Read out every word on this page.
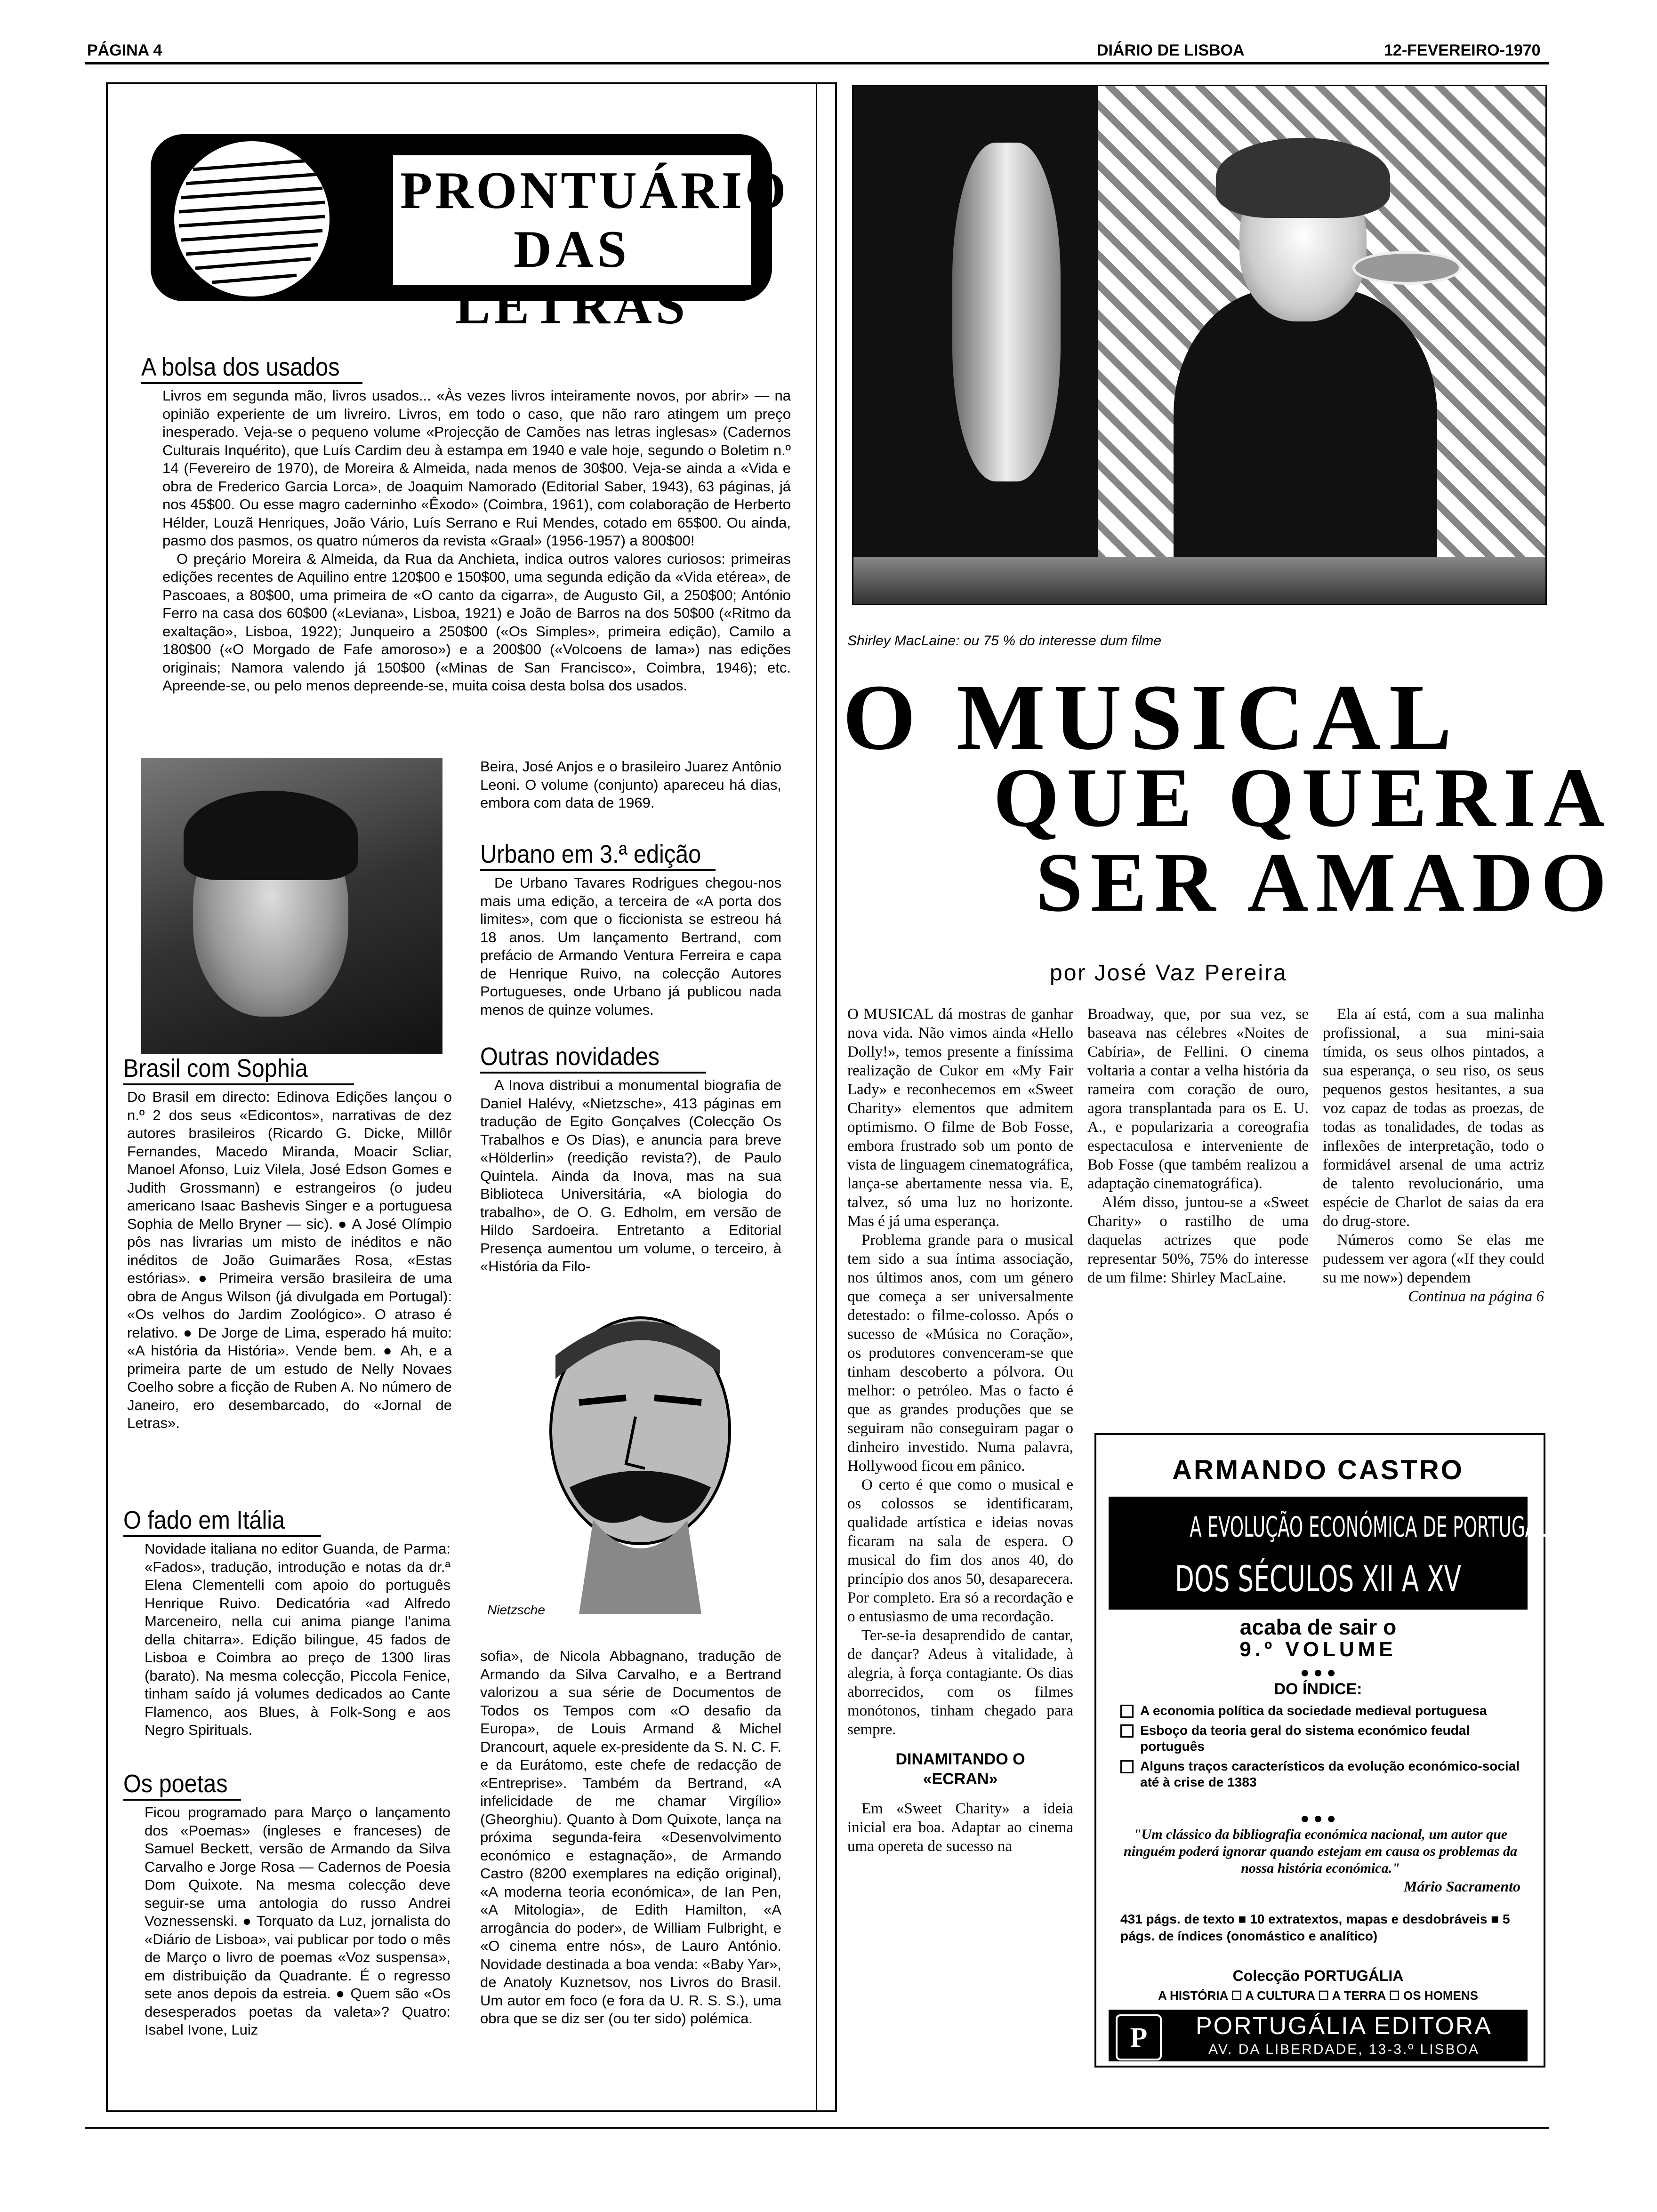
PÁGINA 4	DIÁRIO DE LISBOA	12-FEVEREIRO-1970
PRONTUÁRIO
DAS LETRAS
A bolsa dos usados

Livros em segunda mão, livros usados... «Às vezes livros inteiramente novos, por abrir» — na opinião experiente de um livreiro. Livros, em todo o caso, que não raro atingem um preço inesperado. Veja-se o pequeno volume «Projecção de Camões nas letras inglesas» (Cadernos Culturais Inquérito), que Luís Cardim deu à estampa em 1940 e vale hoje, segundo o Boletim n.º 14 (Fevereiro de 1970), de Moreira & Almeida, nada menos de 30$00. Veja-se ainda a «Vida e obra de Frederico Garcia Lorca», de Joaquim Namorado (Editorial Saber, 1943), 63 páginas, já nos 45$00. Ou esse magro caderninho «Êxodo» (Coimbra, 1961), com colaboração de Herberto Hélder, Louzã Henriques, João Vário, Luís Serrano e Rui Mendes, cotado em 65$00. Ou ainda, pasmo dos pasmos, os quatro números da revista «Graal» (1956-1957) a 800$00!

O preçário Moreira & Almeida, da Rua da Anchieta, indica outros valores curiosos: primeiras edições recentes de Aquilino entre 120$00 e 150$00, uma segunda edição da «Vida etérea», de Pascoaes, a 80$00, uma primeira de «O canto da cigarra», de Augusto Gil, a 250$00; António Ferro na casa dos 60$00 («Leviana», Lisboa, 1921) e João de Barros na dos 50$00 («Ritmo da exaltação», Lisboa, 1922); Junqueiro a 250$00 («Os Simples», primeira edição), Camilo a 180$00 («O Morgado de Fafe amoroso») e a 200$00 («Volcoens de lama») nas edições originais; Namora valendo já 150$00 («Minas de San Francisco», Coimbra, 1946); etc. Apreende-se, ou pelo menos depreende-se, muita coisa desta bolsa dos usados.

Brasil com Sophia

Do Brasil em directo: Edinova Edições lançou o n.º 2 dos seus «Edicontos», narrativas de dez autores brasileiros (Ricardo G. Dicke, Millôr Fernandes, Macedo Miranda, Moacir Scliar, Manoel Afonso, Luiz Vilela, José Edson Gomes e Judith Grossmann) e estrangeiros (o judeu americano Isaac Bashevis Singer e a portuguesa Sophia de Mello Bryner — sic). ● A José Olímpio pôs nas livrarias um misto de inéditos e não inéditos de João Guimarães Rosa, «Estas estórias». ● Primeira versão brasileira de uma obra de Angus Wilson (já divulgada em Portugal): «Os velhos do Jardim Zoológico». O atraso é relativo. ● De Jorge de Lima, esperado há muito: «A história da História». Vende bem. ● Ah, e a primeira parte de um estudo de Nelly Novaes Coelho sobre a ficção de Ruben A. No número de Janeiro, ero desembarcado, do «Jornal de Letras».

O fado em Itália

Novidade italiana no editor Guanda, de Parma: «Fados», tradução, introdução e notas da dr.ª Elena Clementelli com apoio do português Henrique Ruivo. Dedicatória «ad Alfredo Marceneiro, nella cui anima piange l'anima della chitarra». Edição bilingue, 45 fados de Lisboa e Coimbra ao preço de 1300 liras (barato). Na mesma colecção, Piccola Fenice, tinham saído já volumes dedicados ao Cante Flamenco, aos Blues, à Folk-Song e aos Negro Spirituals.

Os poetas

Ficou programado para Março o lançamento dos «Poemas» (ingleses e franceses) de Samuel Beckett, versão de Armando da Silva Carvalho e Jorge Rosa — Cadernos de Poesia Dom Quixote. Na mesma colecção deve seguir-se uma antologia do russo Andrei Voznessenski. ● Torquato da Luz, jornalista do «Diário de Lisboa», vai publicar por todo o mês de Março o livro de poemas «Voz suspensa», em distribuição da Quadrante. É o regresso sete anos depois da estreia. ● Quem são «Os desesperados poetas da valeta»? Quatro: Isabel Ivone, Luiz

Beira, José Anjos e o brasileiro Juarez Antônio Leoni. O volume (conjunto) apareceu há dias, embora com data de 1969.

Urbano em 3.ª edição

De Urbano Tavares Rodrigues chegou-nos mais uma edição, a terceira de «A porta dos limites», com que o ficcionista se estreou há 18 anos. Um lançamento Bertrand, com prefácio de Armando Ventura Ferreira e capa de Henrique Ruivo, na colecção Autores Portugueses, onde Urbano já publicou nada menos de quinze volumes.

Outras novidades

A Inova distribui a monumental biografia de Daniel Halévy, «Nietzsche», 413 páginas em tradução de Egito Gonçalves (Colecção Os Trabalhos e Os Dias), e anuncia para breve «Hölderlin» (reedição revista?), de Paulo Quintela. Ainda da Inova, mas na sua Biblioteca Universitária, «A biologia do trabalho», de O. G. Edholm, em versão de Hildo Sardoeira. Entretanto a Editorial Presença aumentou um volume, o terceiro, à «História da Filo-

Nietzsche

sofia», de Nicola Abbagnano, tradução de Armando da Silva Carvalho, e a Bertrand valorizou a sua série de Documentos de Todos os Tempos com «O desafio da Europa», de Louis Armand & Michel Drancourt, aquele ex-presidente da S. N. C. F. e da Eurátomo, este chefe de redacção de «Entreprise». Também da Bertrand, «A infelicidade de me chamar Virgílio» (Gheorghiu). Quanto à Dom Quixote, lança na próxima segunda-feira «Desenvolvimento económico e estagnação», de Armando Castro (8200 exemplares na edição original), «A moderna teoria económica», de Ian Pen, «A Mitologia», de Edith Hamilton, «A arrogância do poder», de William Fulbright, e «O cinema entre nós», de Lauro António. Novidade destinada a boa venda: «Baby Yar», de Anatoly Kuznetsov, nos Livros do Brasil. Um autor em foco (e fora da U. R. S. S.), uma obra que se diz ser (ou ter sido) polémica.

Shirley MacLaine: ou 75 % do interesse dum filme
O MUSICAL
QUE QUERIA
SER AMADO
por José Vaz Pereira

O MUSICAL dá mostras de ganhar nova vida. Não vimos ainda «Hello Dolly!», temos presente a finíssima realização de Cukor em «My Fair Lady» e reconhecemos em «Sweet Charity» elementos que admitem optimismo. O filme de Bob Fosse, embora frustrado sob um ponto de vista de linguagem cinematográfica, lança-se abertamente nessa via. E, talvez, só uma luz no horizonte. Mas é já uma esperança.

Problema grande para o musical tem sido a sua íntima associação, nos últimos anos, com um género que começa a ser universalmente detestado: o filme-colosso. Após o sucesso de «Música no Coração», os produtores convenceram-se que tinham descoberto a pólvora. Ou melhor: o petróleo. Mas o facto é que as grandes produções que se seguiram não conseguiram pagar o dinheiro investido. Numa palavra, Hollywood ficou em pânico.

O certo é que como o musical e os colossos se identificaram, qualidade artística e ideias novas ficaram na sala de espera. O musical do fim dos anos 40, do princípio dos anos 50, desaparecera. Por completo. Era só a recordação e o entusiasmo de uma recordação.

Ter-se-ia desaprendido de cantar, de dançar? Adeus à vitalidade, à alegria, à força contagiante. Os dias aborrecidos, com os filmes monótonos, tinham chegado para sempre.

DINAMITANDO O «ECRAN»

Em «Sweet Charity» a ideia inicial era boa. Adaptar ao cinema uma opereta de sucesso na

Broadway, que, por sua vez, se baseava nas célebres «Noites de Cabíria», de Fellini. O cinema voltaria a contar a velha história da rameira com coração de ouro, agora transplantada para os E. U. A., e popularizaria a coreografia espectaculosa e interveniente de Bob Fosse (que também realizou a adaptação cinematográfica).

Além disso, juntou-se a «Sweet Charity» o rastilho de uma daquelas actrizes que pode representar 50%, 75% do interesse de um filme: Shirley MacLaine.

Ela aí está, com a sua malinha profissional, a sua mini-saia tímida, os seus olhos pintados, a sua esperança, o seu riso, os seus pequenos gestos hesitantes, a sua voz capaz de todas as proezas, de todas as tonalidades, de todas as inflexões de interpretação, todo o formidável arsenal de uma actriz de talento revolucionário, uma espécie de Charlot de saias da era do drug-store.

Números como Se elas me pudessem ver agora («If they could su me now») dependem

Continua na página 6

ARMANDO CASTRO
A EVOLUÇÃO ECONÓMICA DE PORTUGAL
DOS SÉCULOS XII A XV
acaba de sair o
9.º VOLUME
● ● ●
DO ÍNDICE:
A economia política da sociedade medieval portuguesa
Esboço da teoria geral do sistema económico feudal português
Alguns traços característicos da evolução económico-social até à crise de 1383
● ● ●
"Um clássico da bibliografia económica nacional, um autor que ninguém poderá ignorar quando estejam em causa os problemas da nossa história económica."
Mário Sacramento
431 págs. de texto ■ 10 extratextos, mapas e desdobráveis ■ 5 págs. de índices (onomástico e analítico)
Colecção PORTUGÁLIA
A HISTÓRIA ☐ A CULTURA ☐ A TERRA ☐ OS HOMENS
P	PORTUGÁLIA EDITORA
AV. DA LIBERDADE, 13-3.º LISBOA
